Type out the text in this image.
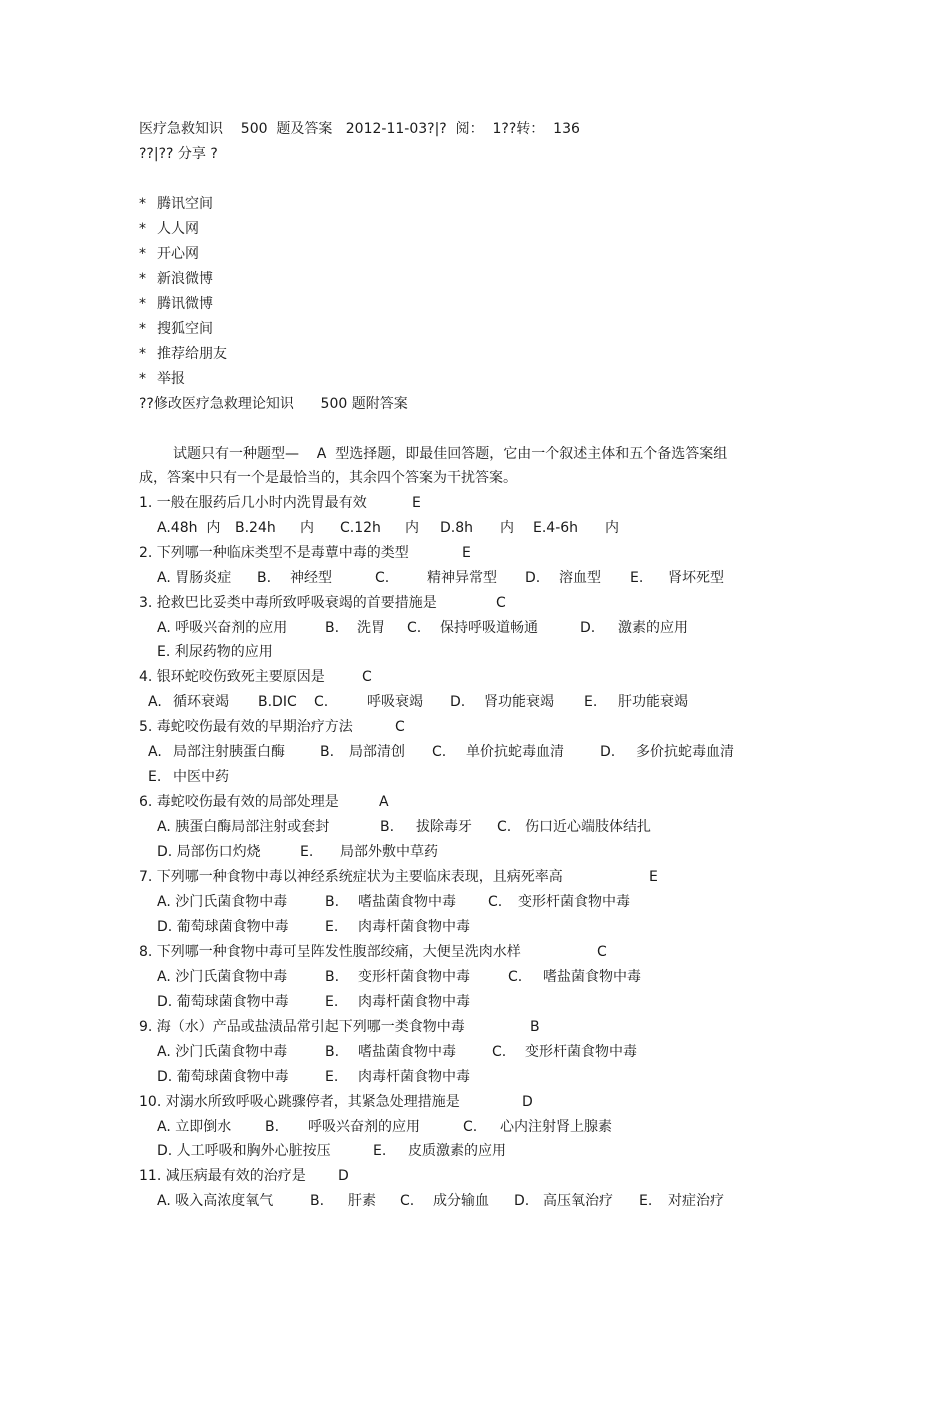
医疗急救知识    500  题及答案   2012-11-03?|?  阅：  1??转：  136
??|?? 分享 ?
* 腾讯空间
* 人人网
* 开心网
* 新浪微博
* 腾讯微博
* 搜狐空间
* 推荐给朋友
* 举报
??修改医疗急救理论知识      500 题附答案
试题只有一种题型—    A  型选择题，即最佳回答题，它由一个叙述主体和五个备选答案组
成，答案中只有一个是最恰当的，其余四个答案为干扰答案。
1. 一般在服药后几小时内洗胃最有效	E

A.48h  内

B.24h

内

C.12h

内

D.8h

内

E.4-6h

内

2. 下列哪一种临床类型不是毒蕈中毒的类型	E

A. 胃肠炎症

B.

神经型

	C.

	精神异常型

D.

溶血型

E.

肾坏死型

3. 抢救巴比妥类中毒所致呼吸衰竭的首要措施是	C

A. 呼吸兴奋剂的应用

	B.

洗胃

C.

保持呼吸道畅通

	D.

激素的应用

E. 利尿药物的应用

4. 银环蛇咬伤致死主要原因是	C

A.

循环衰竭

B.DIC

C.

	呼吸衰竭

D.

肾功能衰竭

E.

肝功能衰竭

5. 毒蛇咬伤最有效的早期治疗方法	C

A.

局部注射胰蛋白酶

	B.

局部清创

C.

单价抗蛇毒血清

	D.

多价抗蛇毒血清

E.

中医中药

6. 毒蛇咬伤最有效的局部处理是	A

A. 胰蛋白酶局部注射或套封

	B.

拔除毒牙

C.

伤口近心端肢体结扎

D. 局部伤口灼烧

	E.

局部外敷中草药

7. 下列哪一种食物中毒以神经系统症状为主要临床表现，且病死率高	E

A. 沙门氏菌食物中毒

	B.

嗜盐菌食物中毒

C.

变形杆菌食物中毒

D. 葡萄球菌食物中毒

	E.

肉毒杆菌食物中毒

8. 下列哪一种食物中毒可呈阵发性腹部绞痛，大便呈洗肉水样	C

A. 沙门氏菌食物中毒

	B.

变形杆菌食物中毒

	C.

嗜盐菌食物中毒

D. 葡萄球菌食物中毒

	E.

肉毒杆菌食物中毒

9. 海（水）产品或盐渍品常引起下列哪一类食物中毒	B

A. 沙门氏菌食物中毒

	B.

嗜盐菌食物中毒

	C.

变形杆菌食物中毒

D. 葡萄球菌食物中毒

	E.

肉毒杆菌食物中毒

10. 对溺水所致呼吸心跳骤停者，其紧急处理措施是	D

A. 立即倒水

B.

呼吸兴奋剂的应用

	C.

心内注射肾上腺素

D. 人工呼吸和胸外心脏按压

	E.

皮质激素的应用

11. 减压病最有效的治疗是 D

A. 吸入高浓度氧气

	B.

肝素

C.

成分输血

D.

高压氧治疗

E.

对症治疗
